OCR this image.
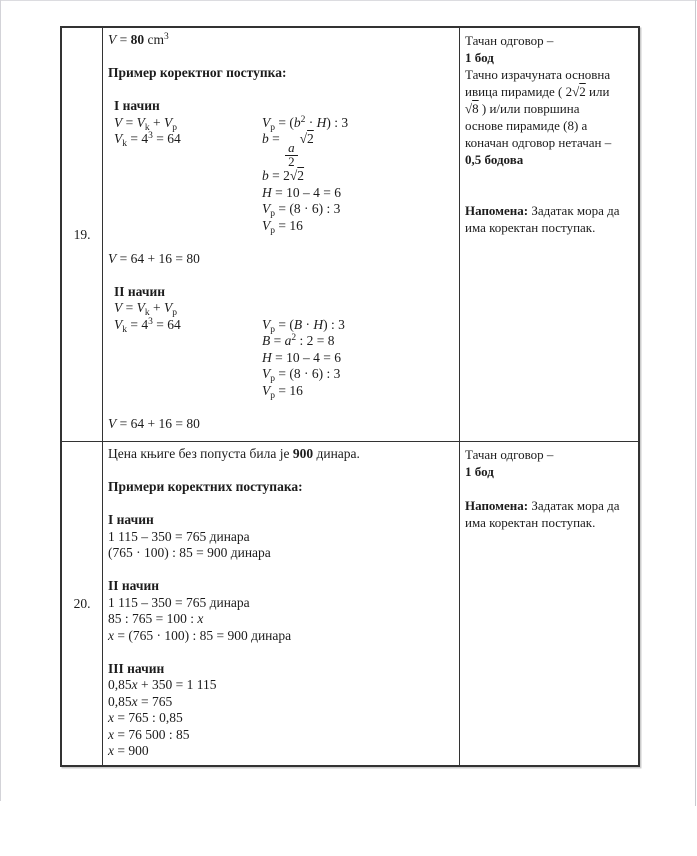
19.
V = 80 $cm^3$

Пример коректног поступка:

I начин
$V = V_k + V_p$
$V_k = 4^3 = 64$
$V_p = (b^2 \cdot H)$ : 3
b =
$\frac{a}{2}$
√2
b = 2√2
H = 10 – 4 = 6
$V_p = (8 \cdot 6)$ : 3
$V_p = 16$

V = 64 + 16 = 80

II начин
$V = V_k + V_p$
$V_k = 4^3 = 64$
	$V_p = (B \cdot H)$ : 3
$B = a^2$ : 2 = 8
H = 10 – 4 = 6
$V_p = (8 \cdot 6)$ : 3
$V_p = 16$

V = 64 + 16 = 80
Тачан одговор –
1 бод
Тачно израчуната основна
ивица пирамиде ( 2√2 или
√8 ) и/или површина
основе пирамиде (8) а
коначан одговор нетачан –
0,5 бодова

Напомена: Задатак мора да
има коректан поступак.
20.
Цена књиге без попуста била је 900 динара.

Примери коректних поступака:

I начин
1 115 – 350 = 765 динара
(765 · 100) : 85 = 900 динара

II начин
1 115 – 350 = 765 динара
85 : 765 = 100 : x
x = (765 · 100) : 85 = 900 динара

III начин
0,85x + 350 = 1 115
0,85x = 765
x = 765 : 0,85
x = 76 500 : 85
x = 900
Тачан одговор –
1 бод

Напомена: Задатак мора да
има коректан поступак.
